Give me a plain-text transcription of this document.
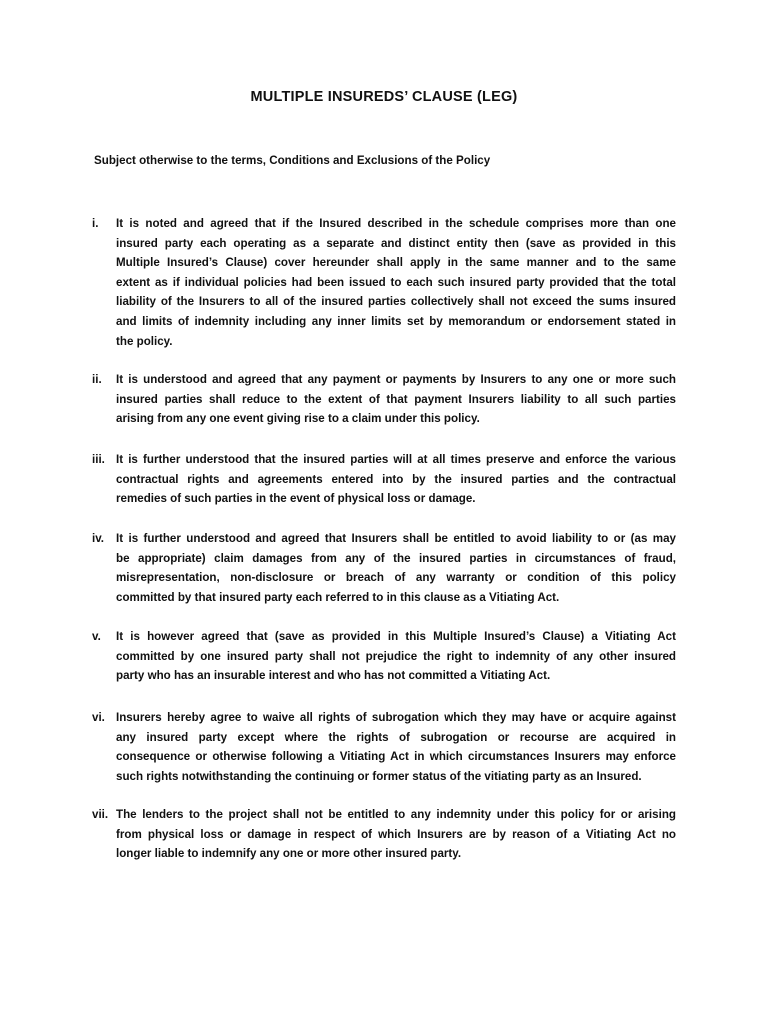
MULTIPLE INSUREDS’ CLAUSE (LEG)

Subject otherwise to the terms, Conditions and Exclusions of the Policy

i. It is noted and agreed that if the Insured described in the schedule comprises more than one
insured party each operating as a separate and distinct entity then (save as provided in this
Multiple Insured’s Clause) cover hereunder shall apply in the same manner and to the same
extent as if individual policies had been issued to each such insured party provided that the total
liability of the Insurers to all of the insured parties collectively shall not exceed the sums insured
and limits of indemnity including any inner limits set by memorandum or endorsement stated in
the policy.
ii. It is understood and agreed that any payment or payments by Insurers to any one or more such
insured parties shall reduce to the extent of that payment Insurers liability to all such parties
arising from any one event giving rise to a claim under this policy.
iii. It is further understood that the insured parties will at all times preserve and enforce the various
contractual rights and agreements entered into by the insured parties and the contractual
remedies of such parties in the event of physical loss or damage.
iv. It is further understood and agreed that Insurers shall be entitled to avoid liability to or (as may
be appropriate) claim damages from any of the insured parties in circumstances of fraud,
misrepresentation, non-disclosure or breach of any warranty or condition of this policy
committed by that insured party each referred to in this clause as a Vitiating Act.
v. It is however agreed that (save as provided in this Multiple Insured’s Clause) a Vitiating Act
committed by one insured party shall not prejudice the right to indemnity of any other insured
party who has an insurable interest and who has not committed a Vitiating Act.
vi. Insurers hereby agree to waive all rights of subrogation which they may have or acquire against
any insured party except where the rights of subrogation or recourse are acquired in
consequence or otherwise following a Vitiating Act in which circumstances Insurers may enforce
such rights notwithstanding the continuing or former status of the vitiating party as an Insured.
vii. The lenders to the project shall not be entitled to any indemnity under this policy for or arising
from physical loss or damage in respect of which Insurers are by reason of a Vitiating Act no
longer liable to indemnify any one or more other insured party.
